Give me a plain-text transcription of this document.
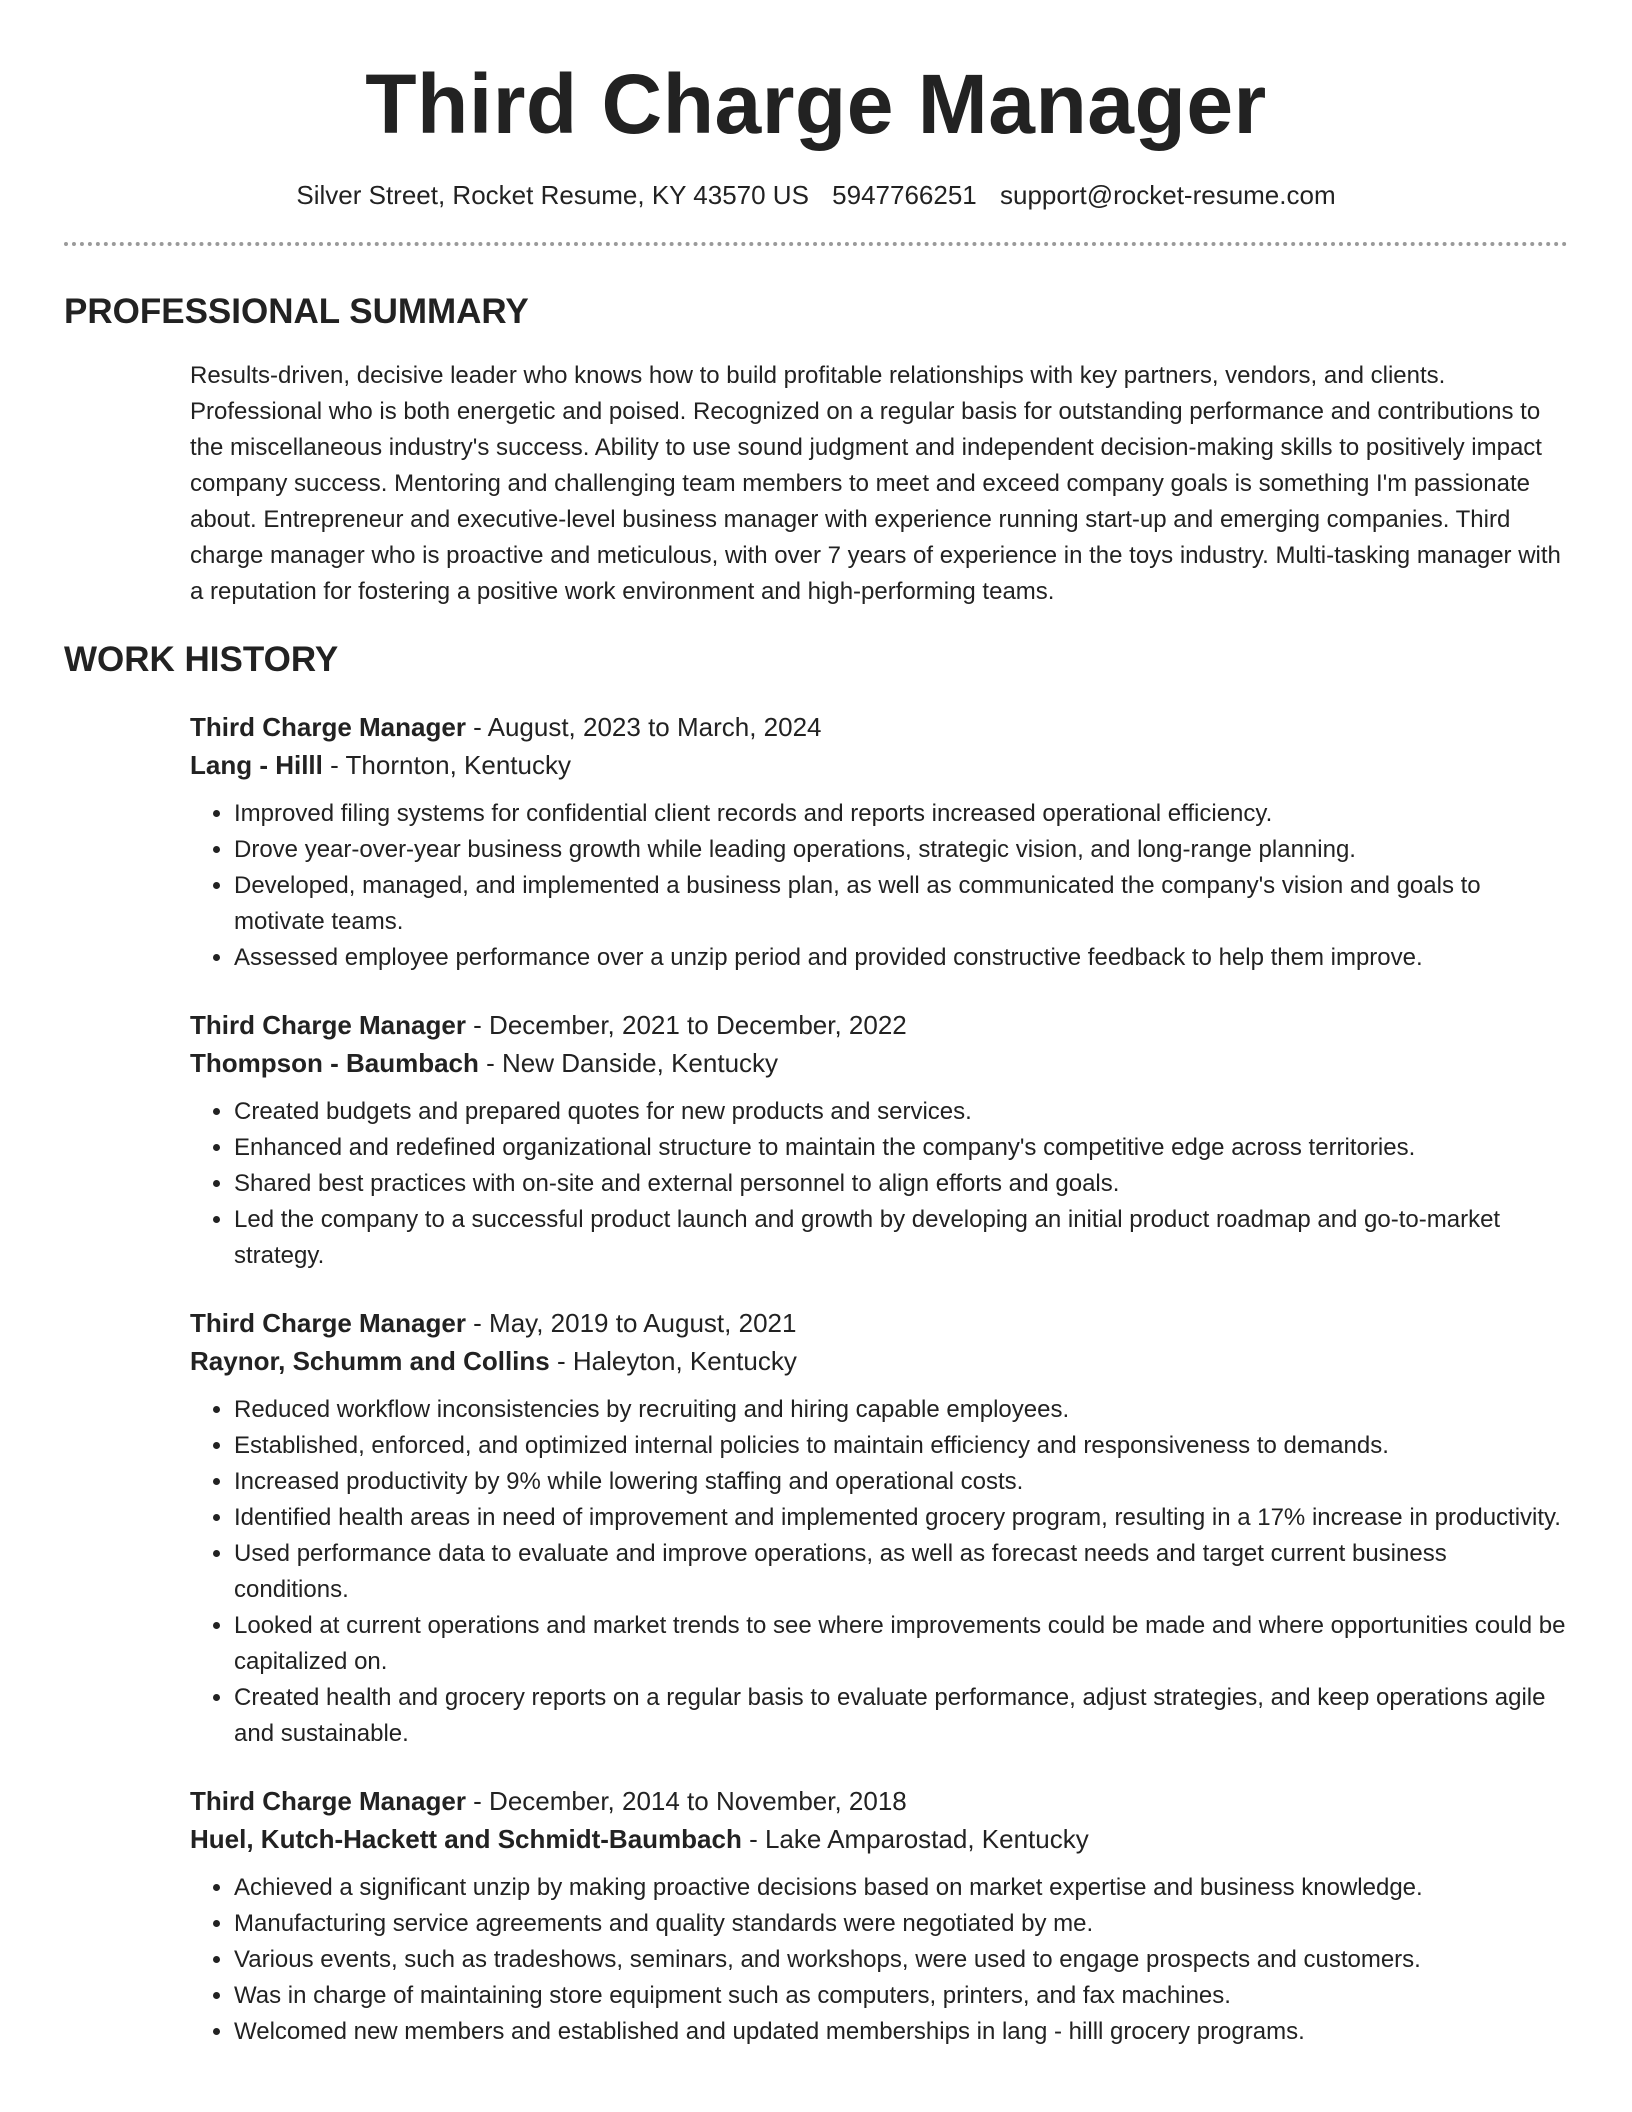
Third Charge Manager
Silver Street, Rocket Resume, KY 43570 US 5947766251 support@rocket-resume.com
PROFESSIONAL SUMMARY

Results-driven, decisive leader who knows how to build profitable relationships with key partners, vendors, and clients. Professional who is both energetic and poised. Recognized on a regular basis for outstanding performance and contributions to the miscellaneous industry's success. Ability to use sound judgment and independent decision-making skills to positively impact company success. Mentoring and challenging team members to meet and exceed company goals is something I'm passionate about. Entrepreneur and executive-level business manager with experience running start-up and emerging companies. Third charge manager who is proactive and meticulous, with over 7 years of experience in the toys industry. Multi-tasking manager with a reputation for fostering a positive work environment and high-performing teams.

WORK HISTORY
Third Charge Manager - August, 2023 to March, 2024
Lang - Hilll - Thornton, Kentucky
• Improved filing systems for confidential client records and reports increased operational efficiency.
• Drove year-over-year business growth while leading operations, strategic vision, and long-range planning.
• Developed, managed, and implemented a business plan, as well as communicated the company's vision and goals to motivate teams.
• Assessed employee performance over a unzip period and provided constructive feedback to help them improve.
Third Charge Manager - December, 2021 to December, 2022
Thompson - Baumbach - New Danside, Kentucky
• Created budgets and prepared quotes for new products and services.
• Enhanced and redefined organizational structure to maintain the company's competitive edge across territories.
• Shared best practices with on-site and external personnel to align efforts and goals.
• Led the company to a successful product launch and growth by developing an initial product roadmap and go-to-market strategy.
Third Charge Manager - May, 2019 to August, 2021
Raynor, Schumm and Collins - Haleyton, Kentucky
• Reduced workflow inconsistencies by recruiting and hiring capable employees.
• Established, enforced, and optimized internal policies to maintain efficiency and responsiveness to demands.
• Increased productivity by 9% while lowering staffing and operational costs.
• Identified health areas in need of improvement and implemented grocery program, resulting in a 17% increase in productivity.
• Used performance data to evaluate and improve operations, as well as forecast needs and target current business conditions.
• Looked at current operations and market trends to see where improvements could be made and where opportunities could be capitalized on.
• Created health and grocery reports on a regular basis to evaluate performance, adjust strategies, and keep operations agile and sustainable.
Third Charge Manager - December, 2014 to November, 2018
Huel, Kutch-Hackett and Schmidt-Baumbach - Lake Amparostad, Kentucky
• Achieved a significant unzip by making proactive decisions based on market expertise and business knowledge.
• Manufacturing service agreements and quality standards were negotiated by me.
• Various events, such as tradeshows, seminars, and workshops, were used to engage prospects and customers.
• Was in charge of maintaining store equipment such as computers, printers, and fax machines.
• Welcomed new members and established and updated memberships in lang - hilll grocery programs.
